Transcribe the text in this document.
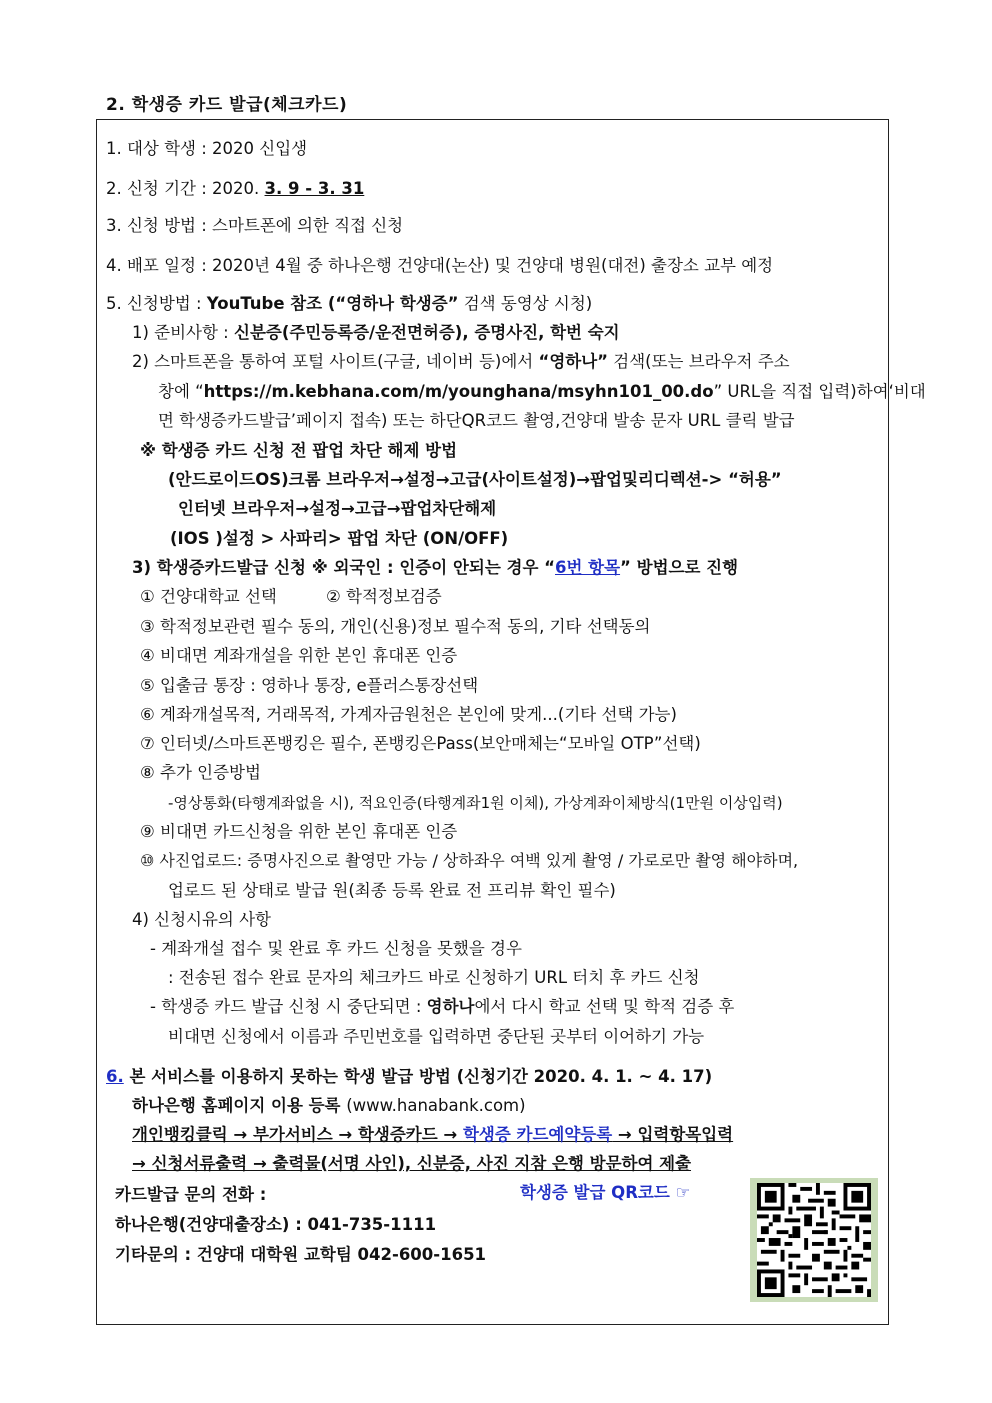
2. 학생증 카드 발급(체크카드)
1. 대상 학생 : 2020 신입생
2. 신청 기간 : 2020. 3. 9 - 3. 31
3. 신청 방법 : 스마트폰에 의한 직접 신청
4. 배포 일정 : 2020년 4월 중 하나은행 건양대(논산) 및 건양대 병원(대전) 출장소 교부 예정
5. 신청방법 : YouTube 참조 (“영하나 학생증” 검색 동영상 시청)
1) 준비사항 : 신분증(주민등록증/운전면허증), 증명사진, 학번 숙지
2) 스마트폰을 통하여 포털 사이트(구글, 네이버 등)에서 “영하나” 검색(또는 브라우저 주소
창에 “https://m.kebhana.com/m/younghana/msyhn101_00.do” URL을 직접 입력)하여‘비대
면 학생증카드발급’페이지 접속) 또는 하단QR코드 촬영,건양대 발송 문자 URL 클릭 발급
※ 학생증 카드 신청 전 팝업 차단 해제 방법
(안드로이드OS)크롬 브라우저→설정→고급(사이트설정)→팝업및리디렉션-> “허용”
인터넷 브라우저→설정→고급→팝업차단해제
(IOS )설정 > 사파리> 팝업 차단 (ON/OFF)
3) 학생증카드발급 신청 ※ 외국인 : 인증이 안되는 경우 “6번 항목” 방법으로 진행
① 건양대학교 선택	② 학적정보검증
③ 학적정보관련 필수 동의, 개인(신용)정보 필수적 동의, 기타 선택동의
④ 비대면 계좌개설을 위한 본인 휴대폰 인증
⑤ 입출금 통장 : 영하나 통장, e플러스통장선택
⑥ 계좌개설목적, 거래목적, 가계자금원천은 본인에 맞게...(기타 선택 가능)
⑦ 인터넷/스마트폰뱅킹은 필수, 폰뱅킹은Pass(보안매체는“모바일 OTP”선택)
⑧ 추가 인증방법
-영상통화(타행계좌없을 시), 적요인증(타행계좌1원 이체), 가상계좌이체방식(1만원 이상입력)
⑨ 비대면 카드신청을 위한 본인 휴대폰 인증
⑩ 사진업로드: 증명사진으로 촬영만 가능 / 상하좌우 여백 있게 촬영 / 가로로만 촬영 해야하며,
업로드 된 상태로 발급 원(최종 등록 완료 전 프리뷰 확인 필수)
4) 신청시유의 사항
- 계좌개설 접수 및 완료 후 카드 신청을 못했을 경우
: 전송된 접수 완료 문자의 체크카드 바로 신청하기 URL 터치 후 카드 신청
- 학생증 카드 발급 신청 시 중단되면 : 영하나에서 다시 학교 선택 및 학적 검증 후
비대면 신청에서 이름과 주민번호를 입력하면 중단된 곳부터 이어하기 가능
6. 본 서비스를 이용하지 못하는 학생 발급 방법 (신청기간 2020. 4. 1. ~ 4. 17)
하나은행 홈페이지 이용 등록 (www.hanabank.com)
개인뱅킹클릭 → 부가서비스 → 학생증카드 → 학생증 카드예약등록 → 입력항목입력
→ 신청서류출력 → 출력물(서명 사인), 신분증, 사진 지참 은행 방문하여 제출
카드발급 문의 전화 :	학생증 발급 QR코드 ☞
하나은행(건양대출장소) : 041-735-1111
기타문의 : 건양대 대학원 교학팀 042-600-1651
